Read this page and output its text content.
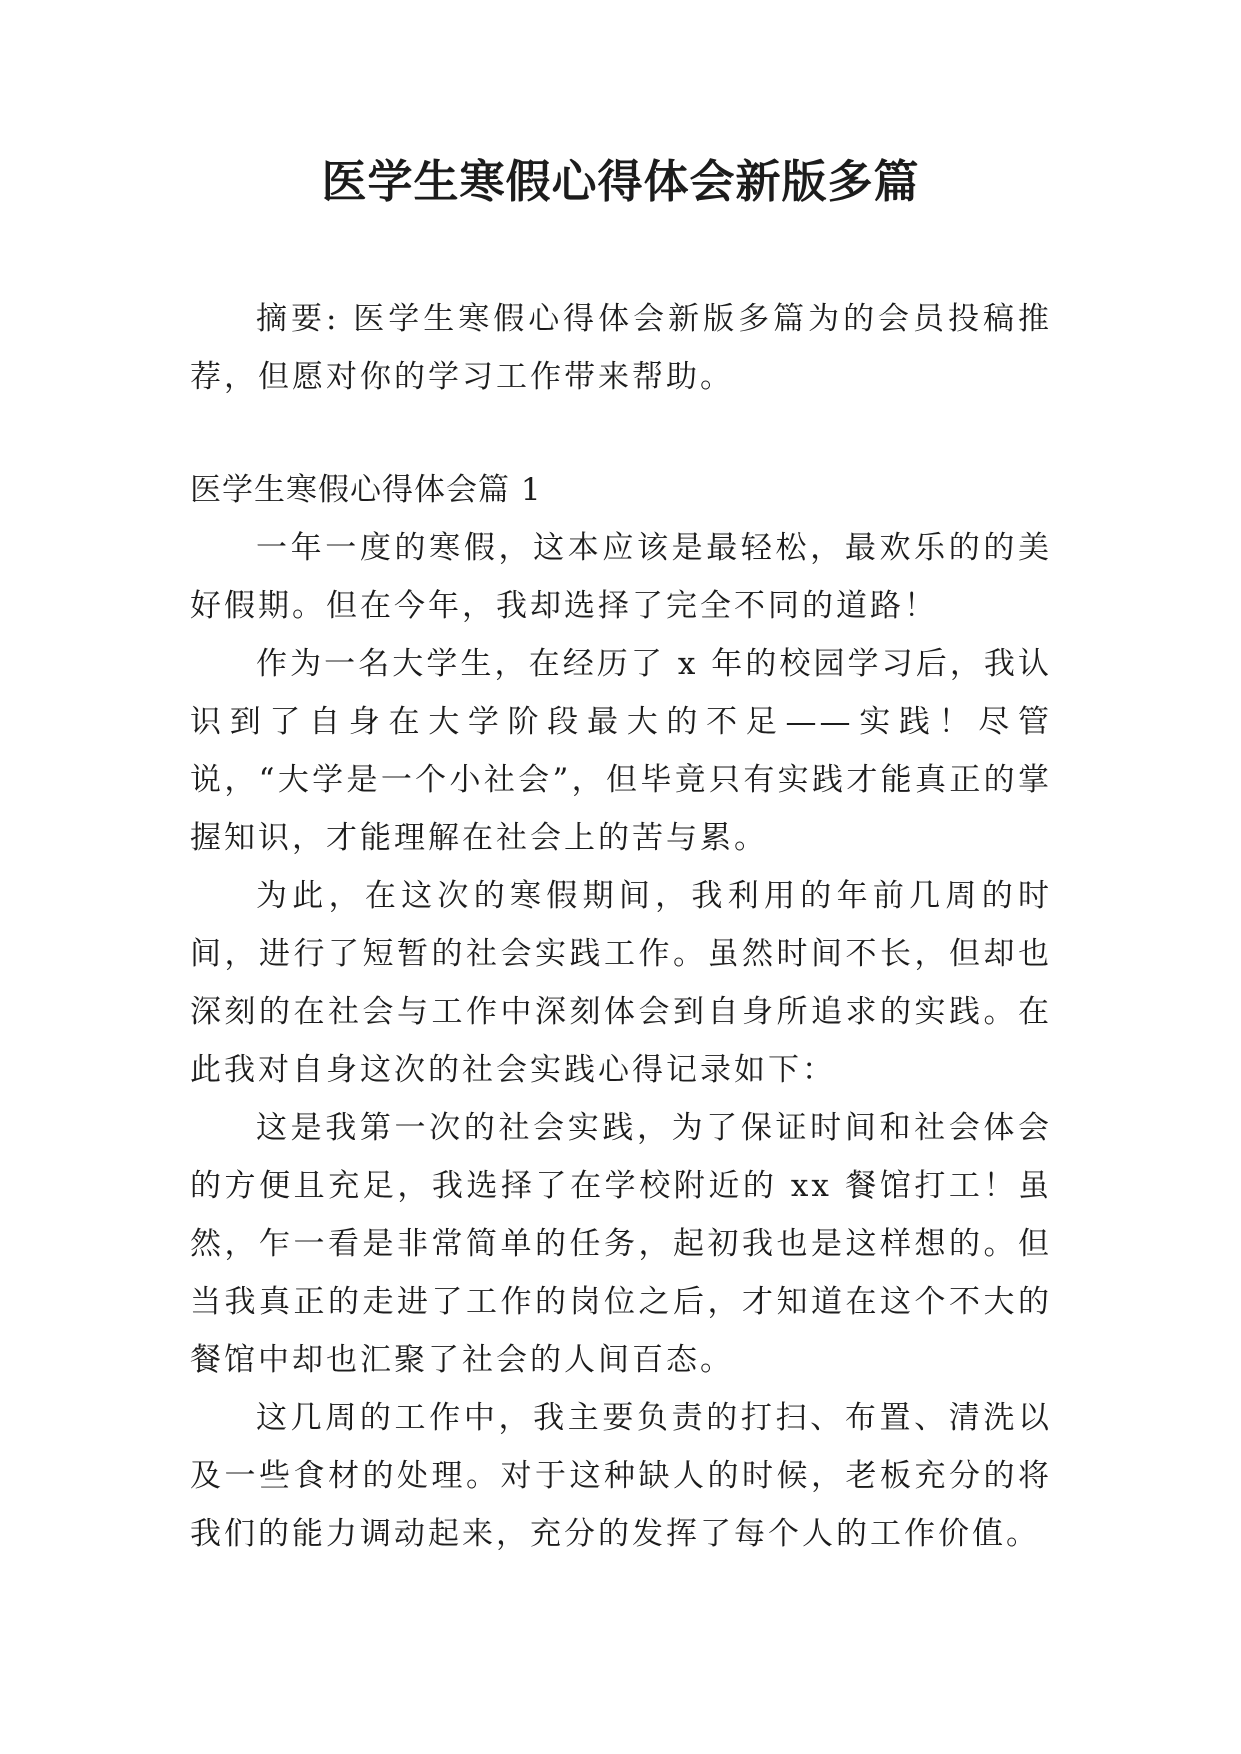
医学生寒假心得体会新版多篇

摘要: 医学生寒假心得体会新版多篇为的会员投稿推荐，但愿对你的学习工作带来帮助。

医学生寒假心得体会篇 1

一年一度的寒假，这本应该是最轻松，最欢乐的的美好假期。但在今年，我却选择了完全不同的道路！

作为一名大学生，在经历了 x 年的校园学习后，我认识到了自身在大学阶段最大的不足——实践！尽管说，“大学是一个小社会”，但毕竟只有实践才能真正的掌握知识，才能理解在社会上的苦与累。

为此，在这次的寒假期间，我利用的年前几周的时间，进行了短暂的社会实践工作。虽然时间不长，但却也深刻的在社会与工作中深刻体会到自身所追求的实践。在此我对自身这次的社会实践心得记录如下：

这是我第一次的社会实践，为了保证时间和社会体会的方便且充足，我选择了在学校附近的 xx 餐馆打工！虽然，乍一看是非常简单的任务，起初我也是这样想的。但当我真正的走进了工作的岗位之后，才知道在这个不大的餐馆中却也汇聚了社会的人间百态。

这几周的工作中，我主要负责的打扫、布置、清洗以及一些食材的处理。对于这种缺人的时候，老板充分的将我们的能力调动起来，充分的发挥了每个人的工作价值。
